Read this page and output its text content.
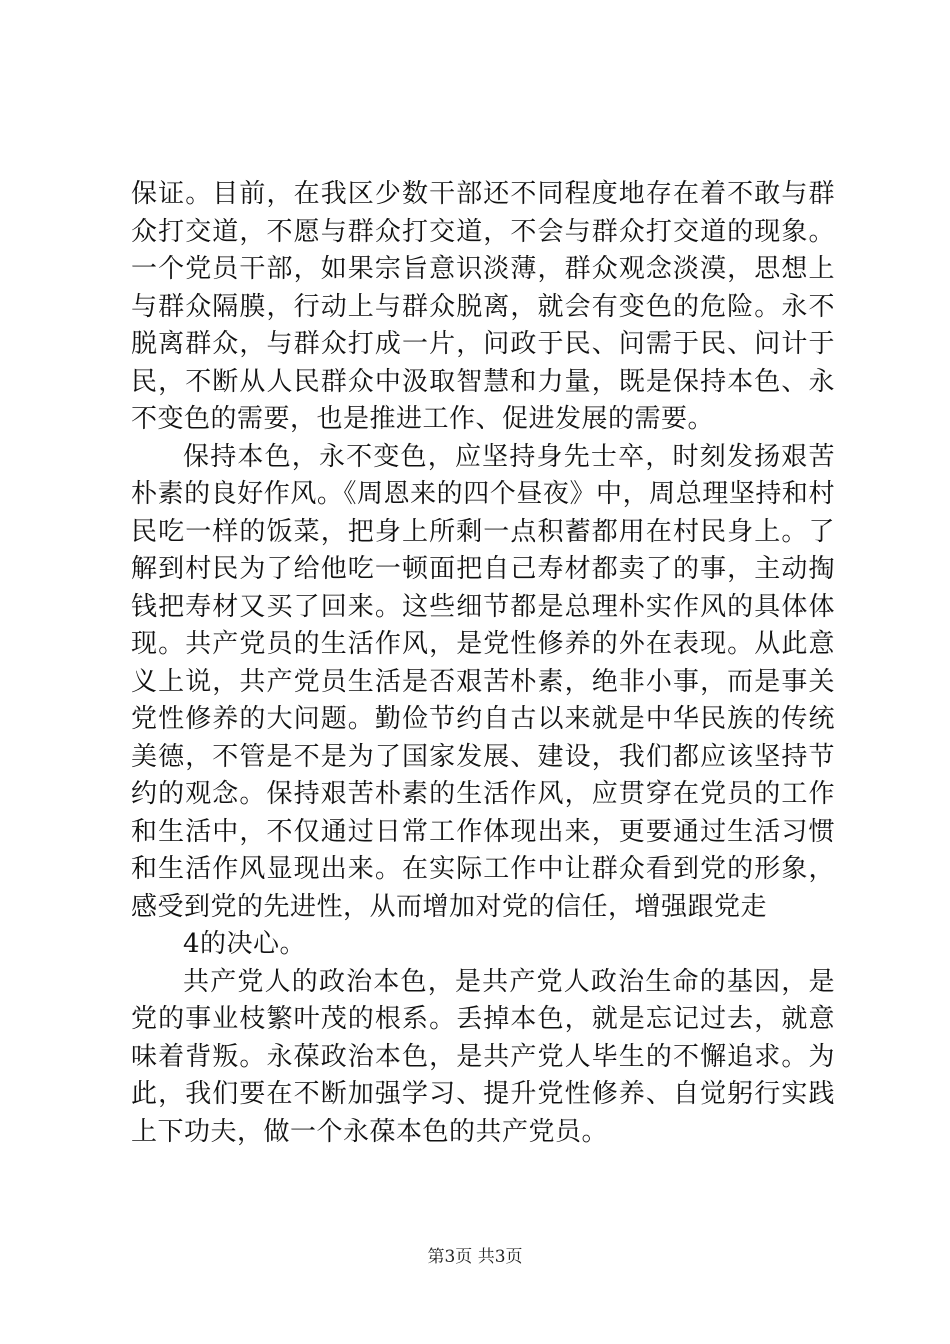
保证。目前，在我区少数干部还不同程度地存在着不敢与群众打交道，不愿与群众打交道，不会与群众打交道的现象。一个党员干部，如果宗旨意识淡薄，群众观念淡漠，思想上与群众隔膜，行动上与群众脱离，就会有变色的危险。永不脱离群众，与群众打成一片，问政于民、问需于民、问计于民，不断从人民群众中汲取智慧和力量，既是保持本色、永不变色的需要，也是推进工作、促进发展的需要。

保持本色，永不变色，应坚持身先士卒，时刻发扬艰苦朴素的良好作风。《周恩来的四个昼夜》中，周总理坚持和村民吃一样的饭菜，把身上所剩一点积蓄都用在村民身上。了解到村民为了给他吃一顿面把自己寿材都卖了的事，主动掏钱把寿材又买了回来。这些细节都是总理朴实作风的具体体现。共产党员的生活作风，是党性修养的外在表现。从此意义上说，共产党员生活是否艰苦朴素，绝非小事，而是事关党性修养的大问题。勤俭节约自古以来就是中华民族的传统美德，不管是不是为了国家发展、建设，我们都应该坚持节约的观念。保持艰苦朴素的生活作风，应贯穿在党员的工作和生活中，不仅通过日常工作体现出来，更要通过生活习惯和生活作风显现出来。在实际工作中让群众看到党的形象，感受到党的先进性，从而增加对党的信任，增强跟党走

4的决心。

共产党人的政治本色，是共产党人政治生命的基因，是党的事业枝繁叶茂的根系。丢掉本色，就是忘记过去，就意味着背叛。永葆政治本色，是共产党人毕生的不懈追求。为此，我们要在不断加强学习、提升党性修养、自觉躬行实践上下功夫，做一个永葆本色的共产党员。

第3页 共3页
